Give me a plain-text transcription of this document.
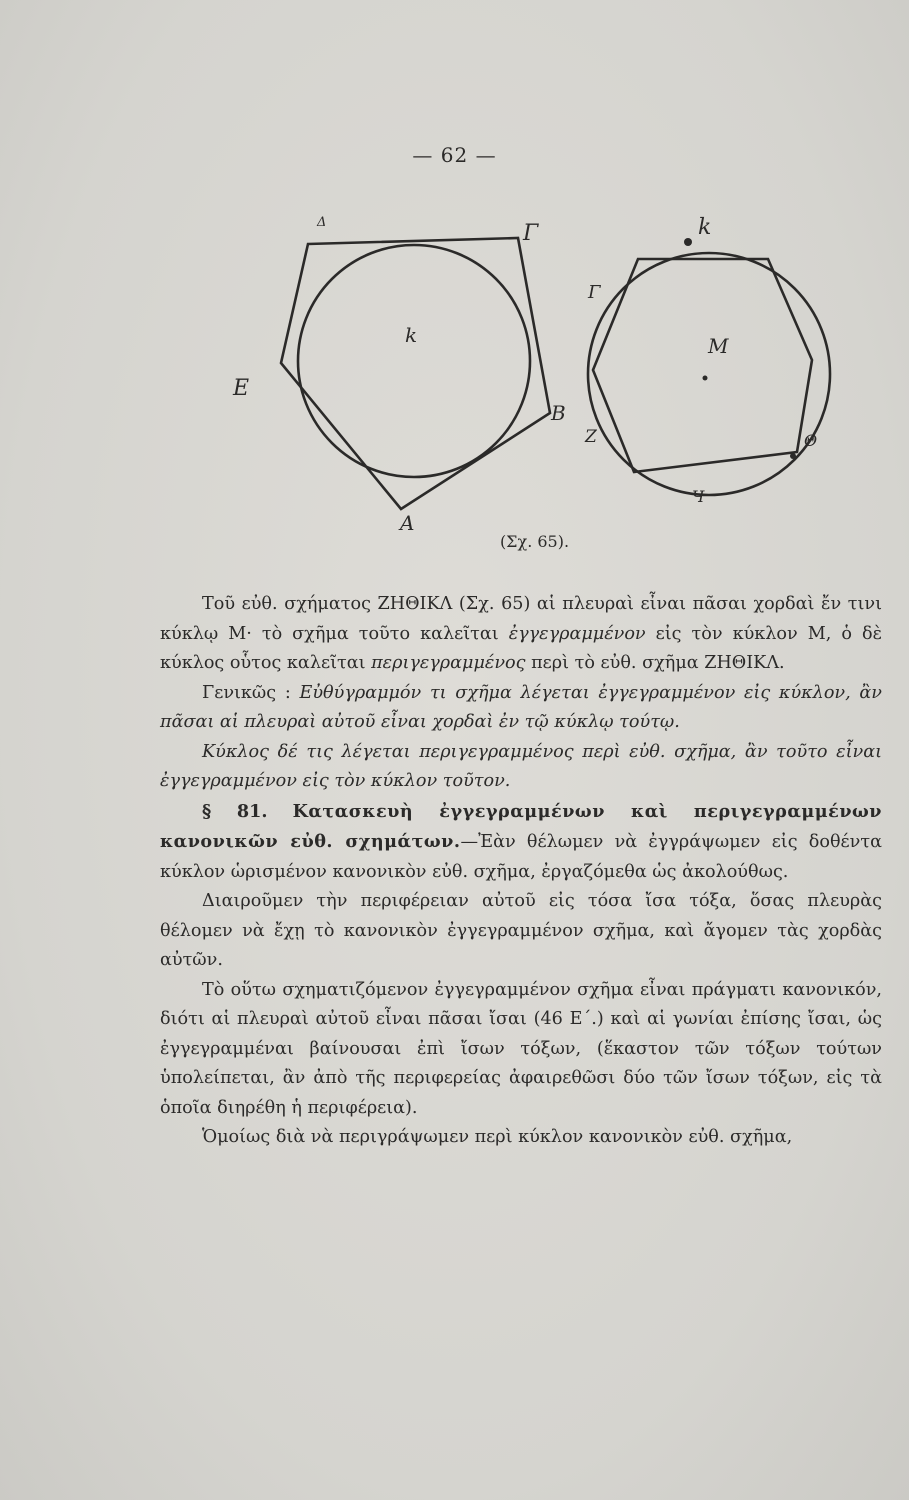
— 62 —
Δ	Γ
k
E
B
A
k
Γ
M
Z	Θ
Ч
(Σχ. 65).

Τοῦ εὐθ. σχήματος ΖΗΘΙΚΛ (Σχ. 65) αἱ πλευραὶ εἶναι πᾶσαι χορδαὶ ἔν τινι κύκλῳ Μ· τὸ σχῆμα τοῦτο καλεῖται ἐγγεγραμμένον εἰς τὸν κύκλον Μ, ὁ δὲ κύκλος οὗτος καλεῖται περιγεγραμμένος περὶ τὸ εὐθ. σχῆμα ΖΗΘΙΚΛ.

Γενικῶς : Εὐθύγραμμόν τι σχῆμα λέγεται ἐγγεγραμμένον εἰς κύκλον, ἂν πᾶσαι αἱ πλευραὶ αὐτοῦ εἶναι χορδαὶ ἐν τῷ κύκλῳ τούτῳ.

Κύκλος δέ τις λέγεται περιγεγραμμένος περὶ εὐθ. σχῆμα, ἂν τοῦτο εἶναι ἐγγεγραμμένον εἰς τὸν κύκλον τοῦτον.

§ 81. Κατασκευὴ ἐγγεγραμμένων καὶ περιγεγραμμένων κανονικῶν εὐθ. σχημάτων.—Ἐὰν θέλωμεν νὰ ἐγγράψωμεν εἰς δοθέντα κύκλον ὡρισμένον κανονικὸν εὐθ. σχῆμα, ἐργαζόμεθα ὡς ἀκολούθως.

Διαιροῦμεν τὴν περιφέρειαν αὐτοῦ εἰς τόσα ἴσα τόξα, ὅσας πλευρὰς θέλομεν νὰ ἔχῃ τὸ κανονικὸν ἐγγεγραμμένον σχῆμα, καὶ ἄγομεν τὰς χορδὰς αὐτῶν.

Τὸ οὕτω σχηματιζόμενον ἐγγεγραμμένον σχῆμα εἶναι πράγματι κανονικόν, διότι αἱ πλευραὶ αὐτοῦ εἶναι πᾶσαι ἴσαι (46 Ε΄.) καὶ αἱ γωνίαι ἐπίσης ἴσαι, ὡς ἐγγεγραμμέναι βαίνουσαι ἐπὶ ἴσων τόξων, (ἕκαστον τῶν τόξων τούτων ὑπολείπεται, ἂν ἀπὸ τῆς περιφερείας ἀφαιρεθῶσι δύο τῶν ἴσων τόξων, εἰς τὰ ὁποῖα διηρέθη ἡ περιφέρεια).

Ὁμοίως διὰ νὰ περιγράψωμεν περὶ κύκλον κανονικὸν εὐθ. σχῆμα,
